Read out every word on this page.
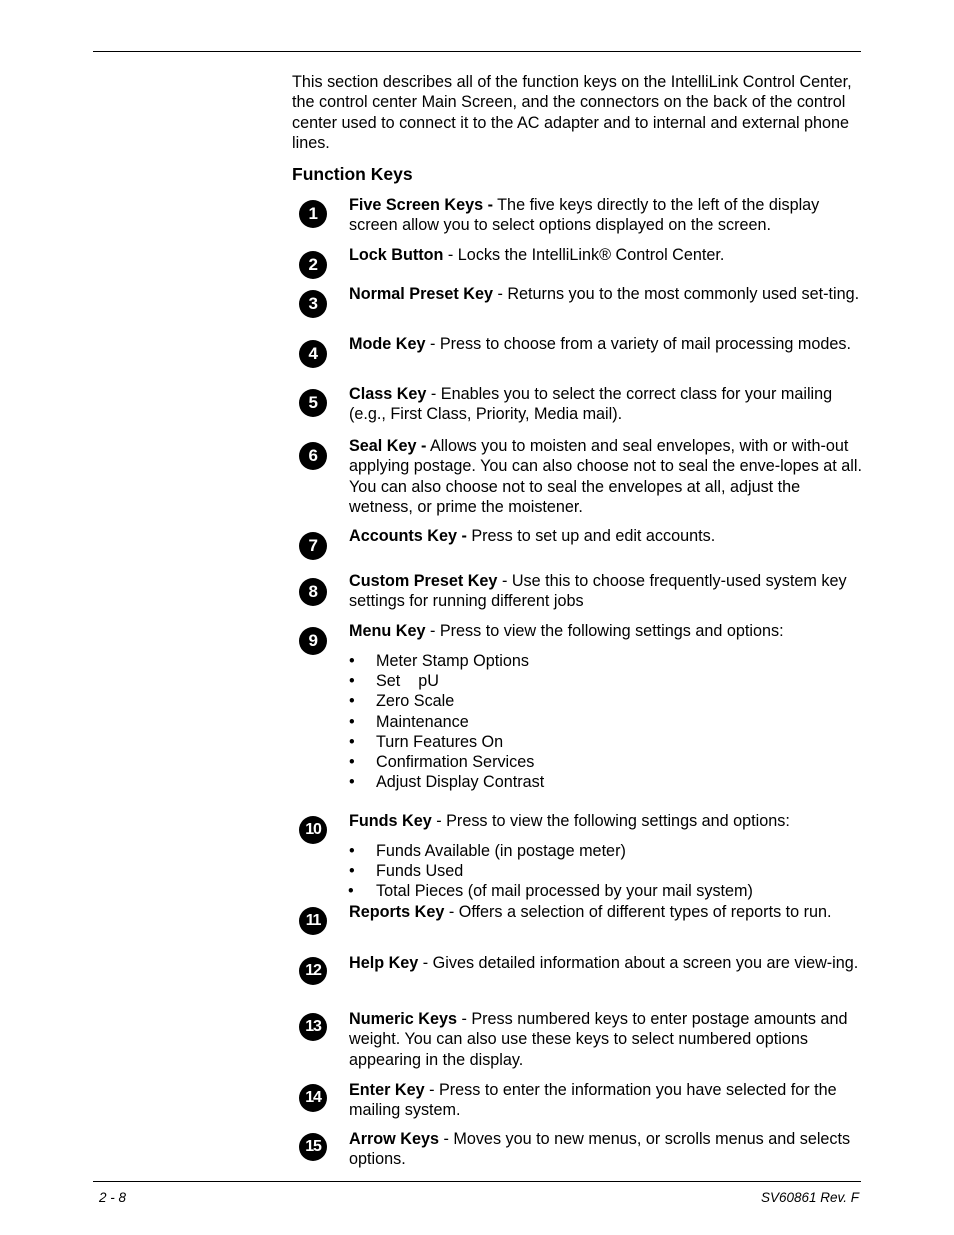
This section describes all of the function keys on the IntelliLink Control Center, the control center Main Screen, and the connectors on the back of the control center used to connect it to the AC adapter and to internal and external phone lines.

Function Keys
1	Five Screen Keys - The five keys directly to the left of the display screen allow you to select options displayed on the screen.

2	Lock Button - Locks the IntelliLink® Control Center.

3	Normal Preset Key - Returns you to the most commonly used set-ting.

4	Mode Key - Press to choose from a variety of mail processing modes.

5	Class Key - Enables you to select the correct class for your mailing (e.g., First Class, Priority, Media mail).

6	Seal Key - Allows you to moisten and seal envelopes, with or with-out applying postage. You can also choose not to seal the enve-lopes at all. You can also choose not to seal the envelopes at all, adjust the wetness, or prime the moistener.

7	Accounts Key - Press to set up and edit accounts.

8

Custom Preset Key - Use this to choose frequently-used system key settings for running different jobs

9	Menu Key - Press to view the following settings and options:

• Meter Stamp Options
• Set    pU
• Zero Scale
• Maintenance
• Turn Features On
• Confirmation Services
• Adjust Display Contrast
10	Funds Key - Press to view the following settings and options:

• Funds Available (in postage meter)
• Funds Used
• Total Pieces (of mail processed by your mail system)
11	Reports Key - Offers a selection of different types of reports to run.

12	Help Key - Gives detailed information about a screen you are view-ing.

13	Numeric Keys - Press numbered keys to enter postage amounts and weight. You can also use these keys to select numbered options appearing in the display.

14	Enter Key - Press to enter the information you have selected for the mailing system.

15	Arrow Keys - Moves you to new menus, or scrolls menus and selects options.

2 - 8	SV60861 Rev. F
